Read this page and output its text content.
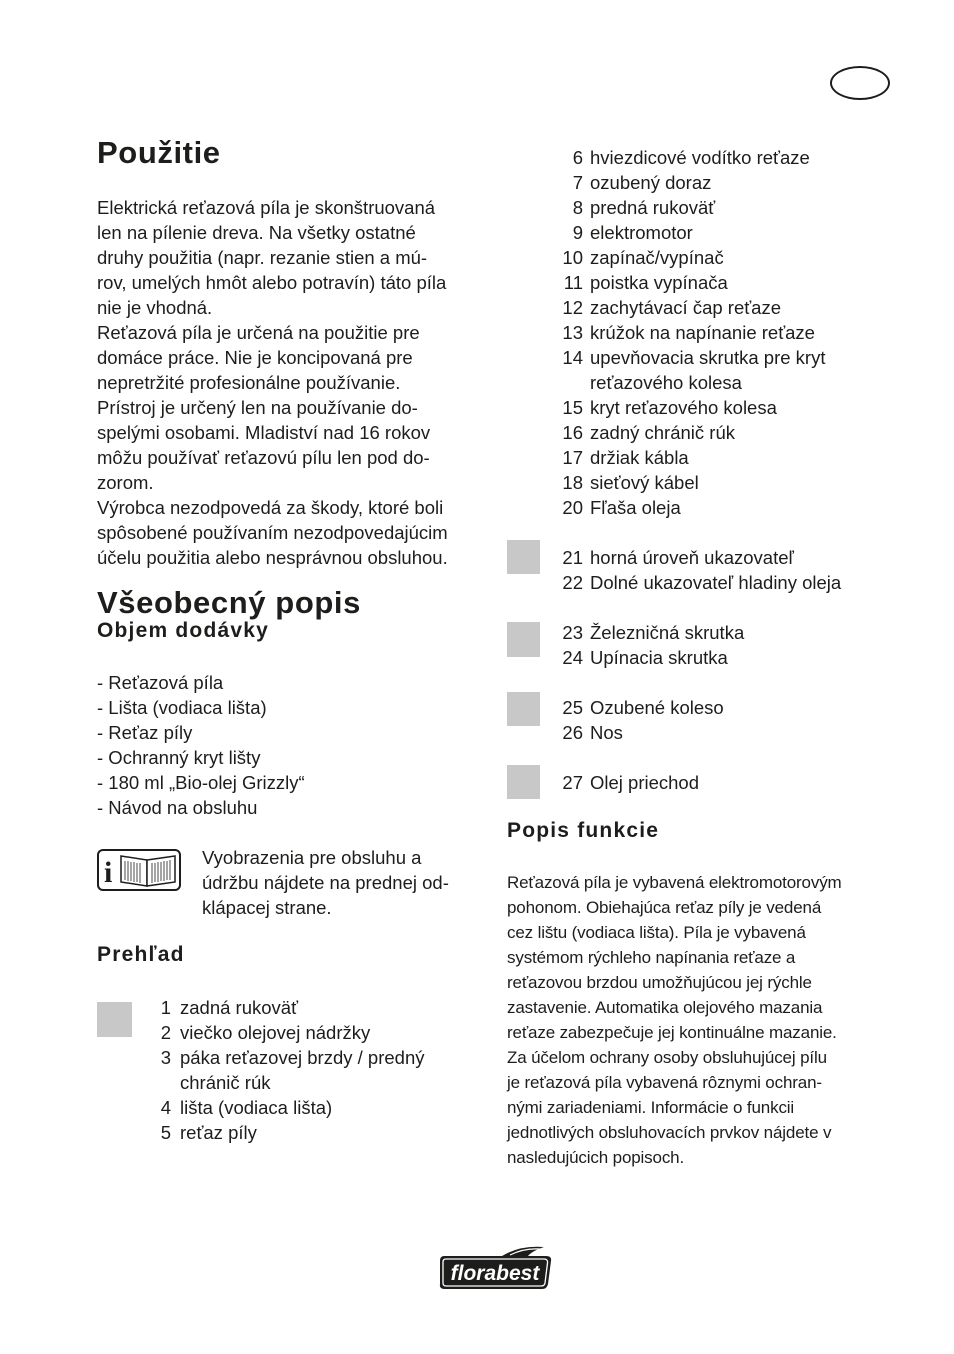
Použitie
Elektrická reťazová píla je skonštruovaná
len na pílenie dreva. Na všetky ostatné
druhy použitia (napr. rezanie stien a mú-
rov, umelých hmôt alebo potravín) táto píla
nie je vhodná.
Reťazová píla je určená na použitie pre
domáce práce. Nie je koncipovaná pre
nepretržité profesionálne používanie.
Prístroj je určený len na používanie do-
spelými osobami. Mladiství nad 16 rokov
môžu používať reťazovú pílu len pod do-
zorom.
Výrobca nezodpovedá za škody, ktoré boli
spôsobené používaním nezodpovedajúcim
účelu použitia alebo nesprávnou obsluhou.
Všeobecný popis
Objem dodávky
- Reťazová píla
- Lišta (vodiaca lišta)
- Reťaz píly
- Ochranný kryt lišty
- 180 ml „Bio-olej Grizzly“
- Návod na obsluhu
i	Vyobrazenia pre obsluhu a
údržbu nájdete na prednej od-
klápacej strane.
Prehľad
1 zadná rukoväť
2 viečko olejovej nádržky
3 páka reťazovej brzdy / predný
chránič rúk
4 lišta (vodiaca lišta)
5 reťaz píly
6 hviezdicové vodítko reťaze
7 ozubený doraz
8 predná rukoväť
9 elektromotor
10 zapínač/vypínač
11 poistka vypínača
12 zachytávací čap reťaze
13 krúžok na napínanie reťaze
14 upevňovacia skrutka pre kryt
reťazového kolesa
15 kryt reťazového kolesa
16 zadný chránič rúk
17 držiak kábla
18 sieťový kábel
20 Fľaša oleja
21 horná úroveň ukazovateľ
22 Dolné ukazovateľ hladiny oleja
23 Železničná skrutka
24 Upínacia skrutka
25 Ozubené koleso
26 Nos
27 Olej priechod
Popis funkcie
Reťazová píla je vybavená elektromotorovým
pohonom. Obiehajúca reťaz píly je vedená
cez lištu (vodiaca lišta). Píla je vybavená
systémom rýchleho napínania reťaze a
reťazovou brzdou umožňujúcou jej rýchle
zastavenie. Automatika olejového mazania
reťaze zabezpečuje jej kontinuálne mazanie.
Za účelom ochrany osoby obsluhujúcej pílu
je reťazová píla vybavená rôznymi ochran-
nými zariadeniami. Informácie o funkcii
jednotlivých obsluhovacích prvkov nájdete v
nasledujúcich popisoch.
florabest
